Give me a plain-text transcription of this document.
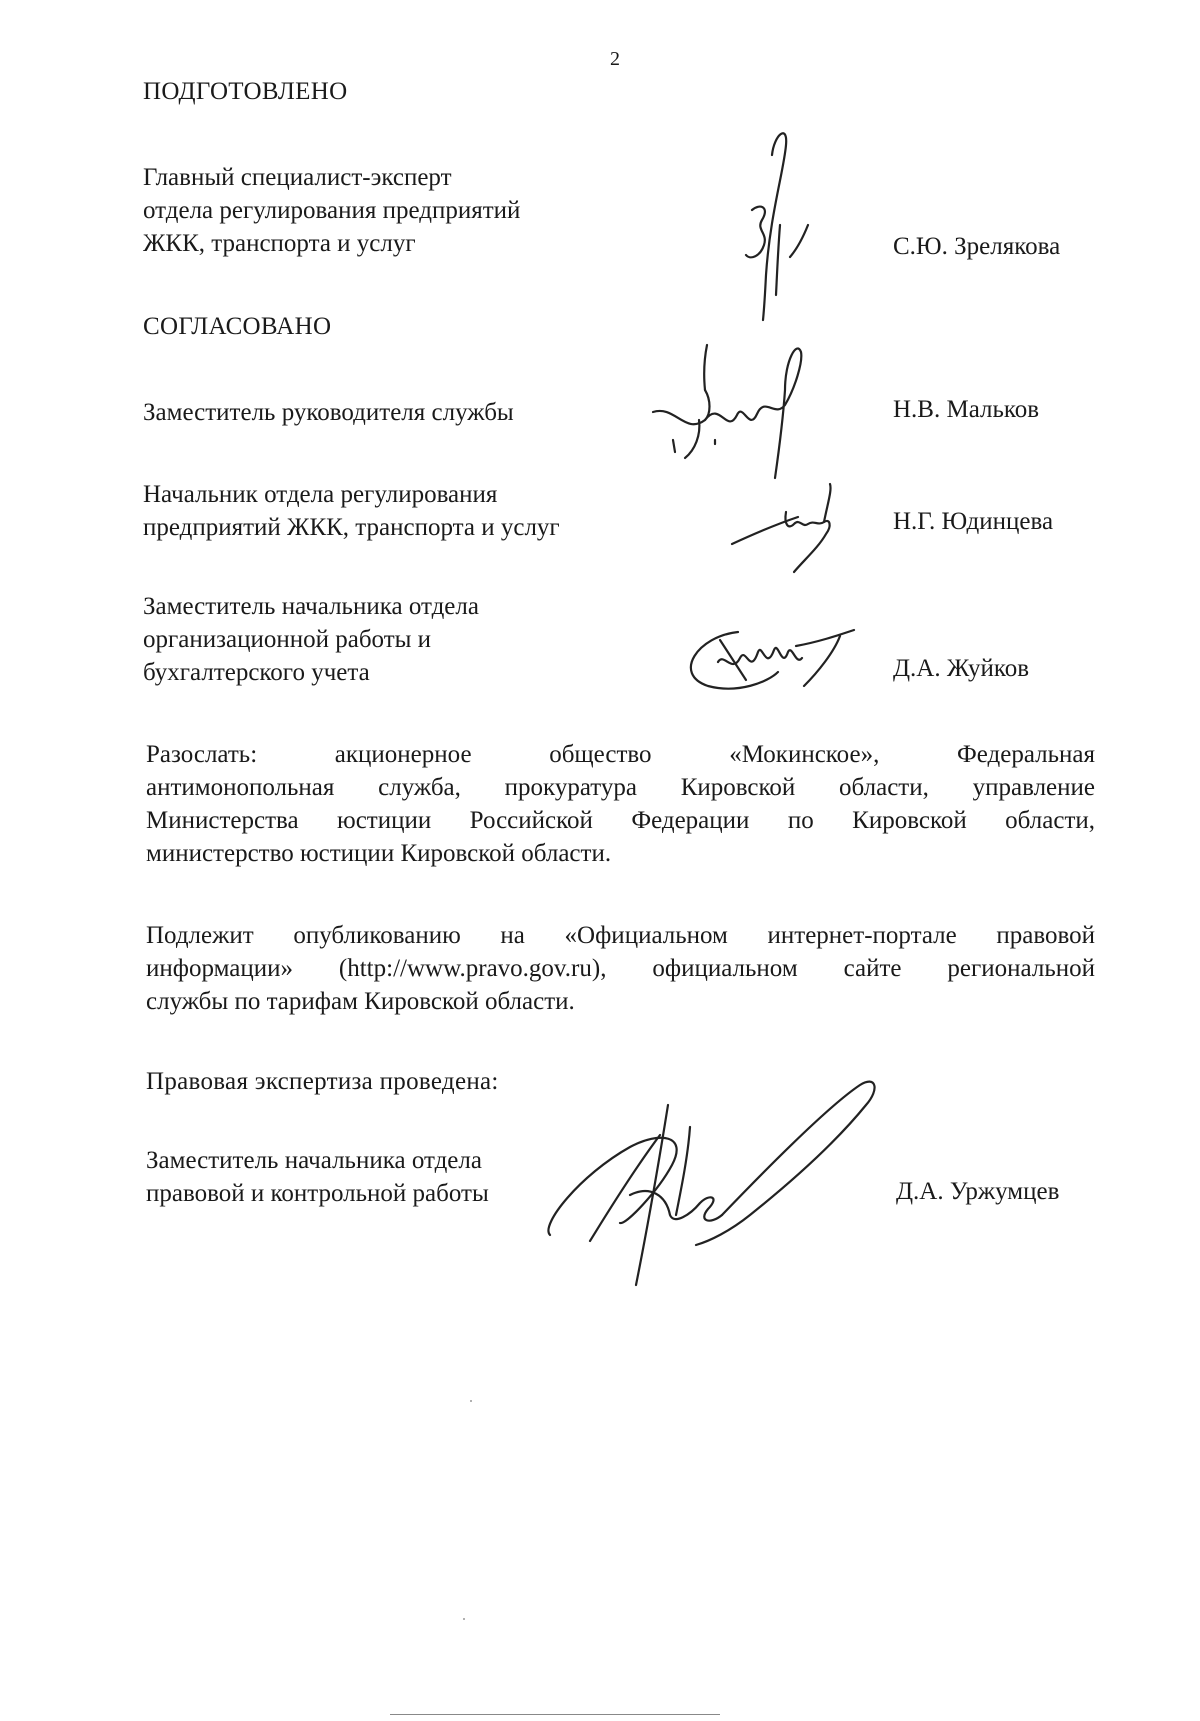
2
ПОДГОТОВЛЕНО
Главный специалист-эксперт
отдела регулирования предприятий
ЖКК, транспорта и услуг	С.Ю. Зрелякова
СОГЛАСОВАНО
Заместитель руководителя службы	Н.В. Мальков
Начальник отдела регулирования
предприятий ЖКК, транспорта и услуг	Н.Г. Юдинцева
Заместитель начальника отдела
организационной работы и
бухгалтерского учета	Д.А. Жуйков
Разослать: акционерное общество «Мокинское», Федеральная
антимонопольная служба, прокуратура Кировской области, управление
Министерства юстиции Российской Федерации по Кировской области,
министерство юстиции Кировской области.
Подлежит опубликованию на «Официальном интернет-портале правовой
информации» (http://www.pravo.gov.ru), официальном сайте региональной
службы по тарифам Кировской области.
Правовая экспертиза проведена:
Заместитель начальника отдела
правовой и контрольной работы	Д.А. Уржумцев
